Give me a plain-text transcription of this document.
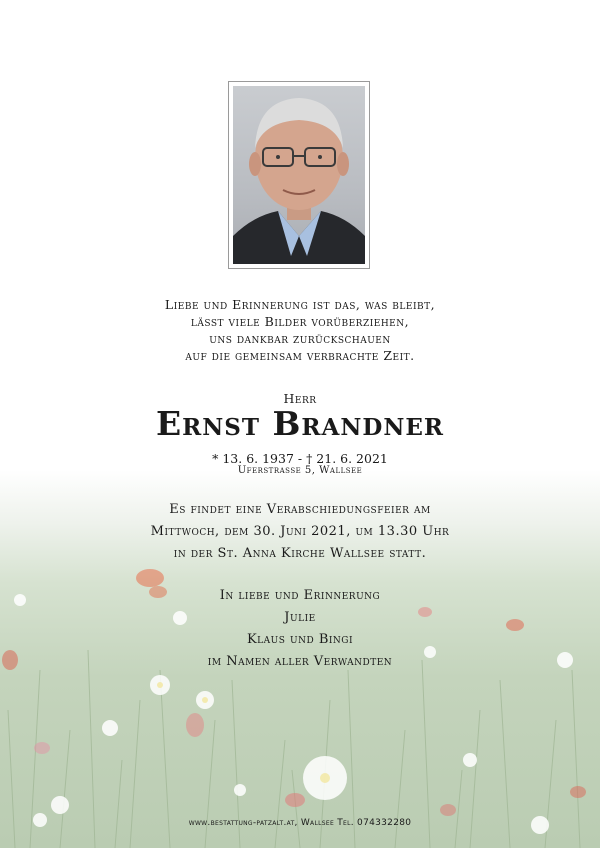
Liebe und Erinnerung ist das, was bleibt,
lässt viele Bilder vorüberziehen,
uns dankbar zurückschauen
auf die gemeinsam verbrachte Zeit.
Herr
Ernst Brandner
* 13. 6. 1937 - † 21. 6. 2021
Uferstrasse 5, Wallsee
Es findet eine Verabschiedungsfeier am
Mittwoch, dem 30. Juni 2021, um 13.30 Uhr
in der St. Anna Kirche Wallsee statt.
In liebe und Erinnerung
Julie
Klaus und Bingi
im Namen aller Verwandten
www.bestattung-patzalt.at, Wallsee Tel. 074332280
